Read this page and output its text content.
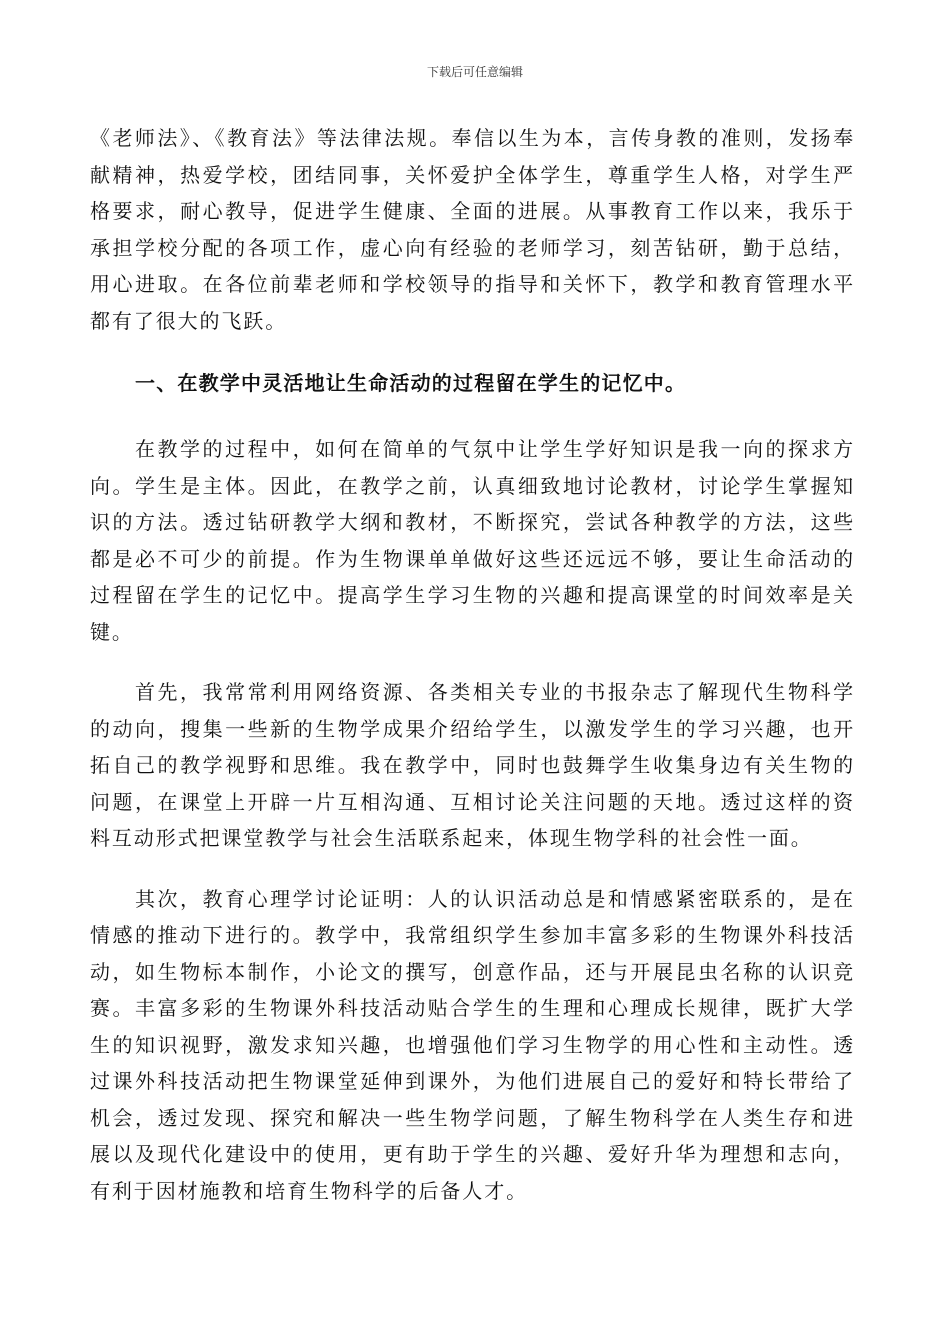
下载后可任意编辑

《老师法》、《教育法》等法律法规。奉信以生为本，言传身教的准则，发扬奉献精神，热爱学校，团结同事，关怀爱护全体学生，尊重学生人格，对学生严格要求，耐心教导，促进学生健康、全面的进展。从事教育工作以来，我乐于承担学校分配的各项工作，虚心向有经验的老师学习，刻苦钻研，勤于总结，用心进取。在各位前辈老师和学校领导的指导和关怀下，教学和教育管理水平都有了很大的飞跃。

一、在教学中灵活地让生命活动的过程留在学生的记忆中。

在教学的过程中，如何在简单的气氛中让学生学好知识是我一向的探求方向。学生是主体。因此，在教学之前，认真细致地讨论教材，讨论学生掌握知识的方法。透过钻研教学大纲和教材，不断探究，尝试各种教学的方法，这些都是必不可少的前提。作为生物课单单做好这些还远远不够，要让生命活动的过程留在学生的记忆中。提高学生学习生物的兴趣和提高课堂的时间效率是关键。

首先，我常常利用网络资源、各类相关专业的书报杂志了解现代生物科学的动向，搜集一些新的生物学成果介绍给学生，以激发学生的学习兴趣，也开拓自己的教学视野和思维。我在教学中，同时也鼓舞学生收集身边有关生物的问题，在课堂上开辟一片互相沟通、互相讨论关注问题的天地。透过这样的资料互动形式把课堂教学与社会生活联系起来，体现生物学科的社会性一面。

其次，教育心理学讨论证明：人的认识活动总是和情感紧密联系的，是在情感的推动下进行的。教学中，我常组织学生参加丰富多彩的生物课外科技活动，如生物标本制作，小论文的撰写，创意作品，还与开展昆虫名称的认识竞赛。丰富多彩的生物课外科技活动贴合学生的生理和心理成长规律，既扩大学生的知识视野，激发求知兴趣，也增强他们学习生物学的用心性和主动性。透过课外科技活动把生物课堂延伸到课外，为他们进展自己的爱好和特长带给了机会，透过发现、探究和解决一些生物学问题，了解生物科学在人类生存和进展以及现代化建设中的使用，更有助于学生的兴趣、爱好升华为理想和志向，有利于因材施教和培育生物科学的后备人才。
